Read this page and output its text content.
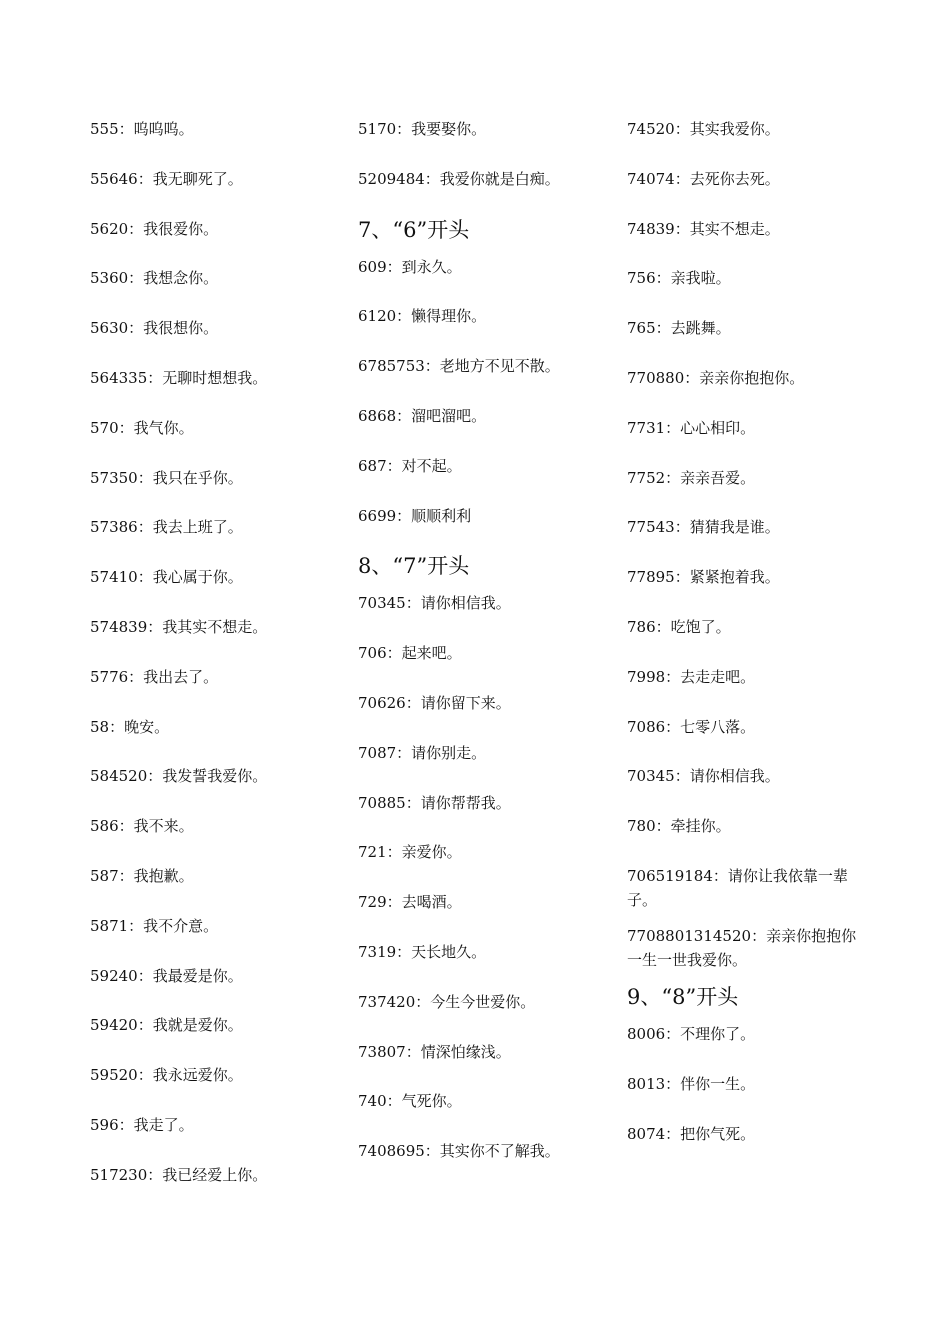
555：呜呜呜。
55646：我无聊死了。
5620：我很爱你。
5360：我想念你。
5630：我很想你。
564335：无聊时想想我。
570：我气你。
57350：我只在乎你。
57386：我去上班了。
57410：我心属于你。
574839：我其实不想走。
5776：我出去了。
58：晚安。
584520：我发誓我爱你。
586：我不来。
587：我抱歉。
5871：我不介意。
59240：我最爱是你。
59420：我就是爱你。
59520：我永远爱你。
596：我走了。
517230：我已经爱上你。
5170：我要娶你。
5209484：我爱你就是白痴。
7、“6”开头
609：到永久。
6120：懒得理你。
6785753：老地方不见不散。
6868：溜吧溜吧。
687：对不起。
6699：顺顺利利
8、“7”开头
70345：请你相信我。
706：起来吧。
70626：请你留下来。
7087：请你别走。
70885：请你帮帮我。
721：亲爱你。
729：去喝酒。
7319：天长地久。
737420：今生今世爱你。
73807：情深怕缘浅。
740：气死你。
7408695：其实你不了解我。
74520：其实我爱你。
74074：去死你去死。
74839：其实不想走。
756：亲我啦。
765：去跳舞。
770880：亲亲你抱抱你。
7731：心心相印。
7752：亲亲吾爱。
77543：猜猜我是谁。
77895：紧紧抱着我。
786：吃饱了。
7998：去走走吧。
7086：七零八落。
70345：请你相信我。
780：牵挂你。
706519184：请你让我依靠一辈子。
7708801314520：亲亲你抱抱你一生一世我爱你。
9、“8”开头
8006：不理你了。
8013：伴你一生。
8074：把你气死。
